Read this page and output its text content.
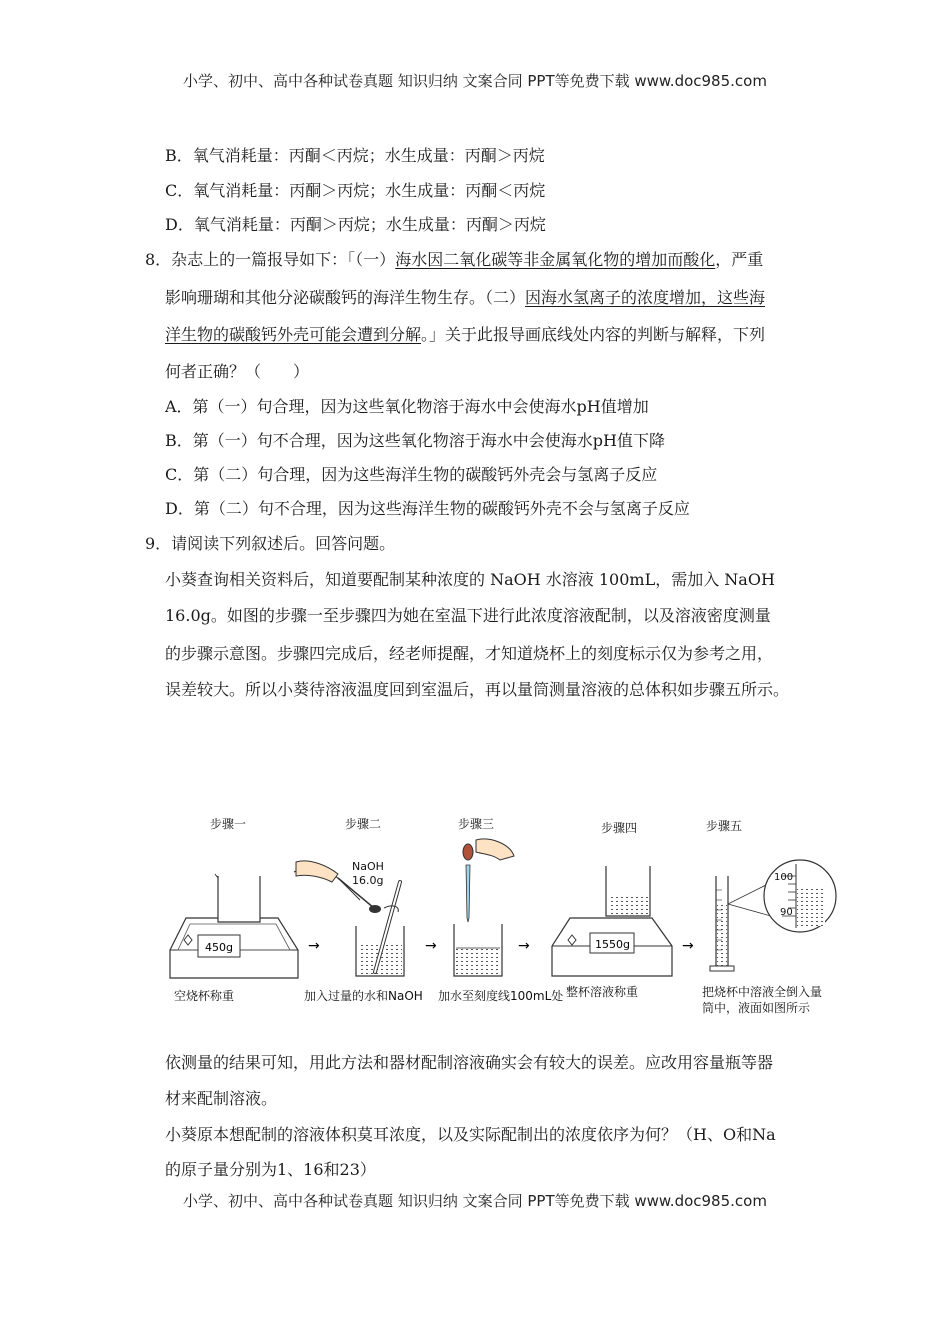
小学、初中、高中各种试卷真题 知识归纳 文案合同 PPT等免费下载 www.doc985.com
B．氧气消耗量：丙酮＜丙烷；水生成量：丙酮＞丙烷
C．氧气消耗量：丙酮＞丙烷；水生成量：丙酮＜丙烷
D．氧气消耗量：丙酮＞丙烷；水生成量：丙酮＞丙烷
8．杂志上的一篇报导如下：「（一）海水因二氧化碳等非金属氧化物的增加而酸化，严重
影响珊瑚和其他分泌碳酸钙的海洋生物生存。（二）因海水氢离子的浓度增加，这些海
洋生物的碳酸钙外壳可能会遭到分解。」关于此报导画底线处内容的判断与解释，下列
何者正确？（　　）
A．第（一）句合理，因为这些氧化物溶于海水中会使海水pH值增加
B．第（一）句不合理，因为这些氧化物溶于海水中会使海水pH值下降
C．第（二）句合理，因为这些海洋生物的碳酸钙外壳会与氢离子反应
D．第（二）句不合理，因为这些海洋生物的碳酸钙外壳不会与氢离子反应
9．请阅读下列叙述后。回答问题。
小葵查询相关资料后，知道要配制某种浓度的 NaOH 水溶液 100mL，需加入 NaOH
16.0g。如图的步骤一至步骤四为她在室温下进行此浓度溶液配制，以及溶液密度测量
的步骤示意图。步骤四完成后，经老师提醒，才知道烧杯上的刻度标示仅为参考之用，
误差较大。所以小葵待溶液温度回到室温后，再以量筒测量溶液的总体积如步骤五所示。
步骤一	步骤二	步骤三	步骤四	步骤五
450g
空烧杯称重
→
NaOH
16.0g
加入过量的水和NaOH
→
加水至刻度线100mL处
→	1550g
整杯溶液称重
→
100
90
把烧杯中溶液全倒入量
筒中，液面如图所示
依测量的结果可知，用此方法和器材配制溶液确实会有较大的误差。应改用容量瓶等器
材来配制溶液。
小葵原本想配制的溶液体积莫耳浓度，以及实际配制出的浓度依序为何？（H、O和Na
的原子量分别为1、16和23）
小学、初中、高中各种试卷真题 知识归纳 文案合同 PPT等免费下载 www.doc985.com
